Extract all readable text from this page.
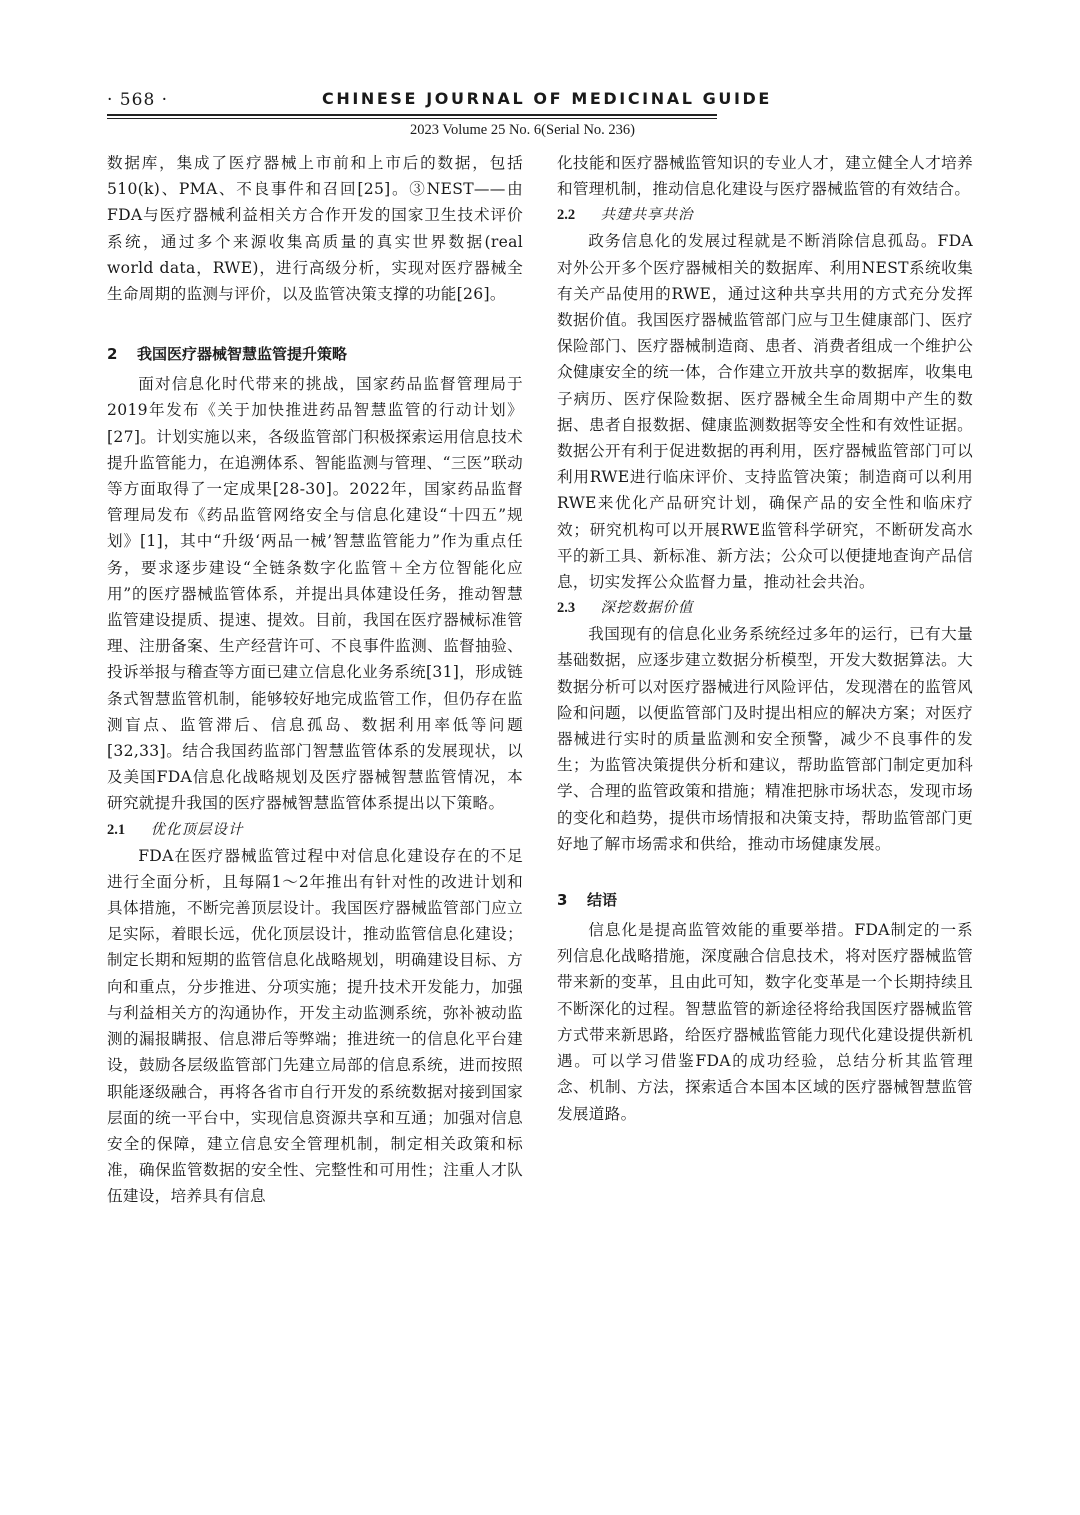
· 568 ·	CHINESE JOURNAL OF MEDICINAL GUIDE
2023 Volume 25 No. 6(Serial No. 236)

数据库，集成了医疗器械上市前和上市后的数据，包括510(k)、PMA、不良事件和召回[25]。③NEST——由FDA与医疗器械利益相关方合作开发的国家卫生技术评价系统，通过多个来源收集高质量的真实世界数据(real world data，RWE)，进行高级分析，实现对医疗器械全生命周期的监测与评价，以及监管决策支撑的功能[26]。

2 我国医疗器械智慧监管提升策略

面对信息化时代带来的挑战，国家药品监督管理局于2019年发布《关于加快推进药品智慧监管的行动计划》[27]。计划实施以来，各级监管部门积极探索运用信息技术提升监管能力，在追溯体系、智能监测与管理、“三医”联动等方面取得了一定成果[28-30]。2022年，国家药品监督管理局发布《药品监管网络安全与信息化建设“十四五”规划》[1]，其中“升级‘两品一械’智慧监管能力”作为重点任务，要求逐步建设“全链条数字化监管＋全方位智能化应用”的医疗器械监管体系，并提出具体建设任务，推动智慧监管建设提质、提速、提效。目前，我国在医疗器械标准管理、注册备案、生产经营许可、不良事件监测、监督抽验、投诉举报与稽查等方面已建立信息化业务系统[31]，形成链条式智慧监管机制，能够较好地完成监管工作，但仍存在监测盲点、监管滞后、信息孤岛、数据利用率低等问题[32,33]。结合我国药监部门智慧监管体系的发展现状，以及美国FDA信息化战略规划及医疗器械智慧监管情况，本研究就提升我国的医疗器械智慧监管体系提出以下策略。

2.1 优化顶层设计

FDA在医疗器械监管过程中对信息化建设存在的不足进行全面分析，且每隔1～2年推出有针对性的改进计划和具体措施，不断完善顶层设计。我国医疗器械监管部门应立足实际，着眼长远，优化顶层设计，推动监管信息化建设；制定长期和短期的监管信息化战略规划，明确建设目标、方向和重点，分步推进、分项实施；提升技术开发能力，加强与利益相关方的沟通协作，开发主动监测系统，弥补被动监测的漏报瞒报、信息滞后等弊端；推进统一的信息化平台建设，鼓励各层级监管部门先建立局部的信息系统，进而按照职能逐级融合，再将各省市自行开发的系统数据对接到国家层面的统一平台中，实现信息资源共享和互通；加强对信息安全的保障，建立信息安全管理机制，制定相关政策和标准，确保监管数据的安全性、完整性和可用性；注重人才队伍建设，培养具有信息

化技能和医疗器械监管知识的专业人才，建立健全人才培养和管理机制，推动信息化建设与医疗器械监管的有效结合。

2.2 共建共享共治

政务信息化的发展过程就是不断消除信息孤岛。FDA对外公开多个医疗器械相关的数据库、利用NEST系统收集有关产品使用的RWE，通过这种共享共用的方式充分发挥数据价值。我国医疗器械监管部门应与卫生健康部门、医疗保险部门、医疗器械制造商、患者、消费者组成一个维护公众健康安全的统一体，合作建立开放共享的数据库，收集电子病历、医疗保险数据、医疗器械全生命周期中产生的数据、患者自报数据、健康监测数据等安全性和有效性证据。数据公开有利于促进数据的再利用，医疗器械监管部门可以利用RWE进行临床评价、支持监管决策；制造商可以利用RWE来优化产品研究计划，确保产品的安全性和临床疗效；研究机构可以开展RWE监管科学研究，不断研发高水平的新工具、新标准、新方法；公众可以便捷地查询产品信息，切实发挥公众监督力量，推动社会共治。

2.3 深挖数据价值

我国现有的信息化业务系统经过多年的运行，已有大量基础数据，应逐步建立数据分析模型，开发大数据算法。大数据分析可以对医疗器械进行风险评估，发现潜在的监管风险和问题，以便监管部门及时提出相应的解决方案；对医疗器械进行实时的质量监测和安全预警，减少不良事件的发生；为监管决策提供分析和建议，帮助监管部门制定更加科学、合理的监管政策和措施；精准把脉市场状态，发现市场的变化和趋势，提供市场情报和决策支持，帮助监管部门更好地了解市场需求和供给，推动市场健康发展。

3 结语

信息化是提高监管效能的重要举措。FDA制定的一系列信息化战略措施，深度融合信息技术，将对医疗器械监管带来新的变革，且由此可知，数字化变革是一个长期持续且不断深化的过程。智慧监管的新途径将给我国医疗器械监管方式带来新思路，给医疗器械监管能力现代化建设提供新机遇。可以学习借鉴FDA的成功经验，总结分析其监管理念、机制、方法，探索适合本国本区域的医疗器械智慧监管发展道路。
